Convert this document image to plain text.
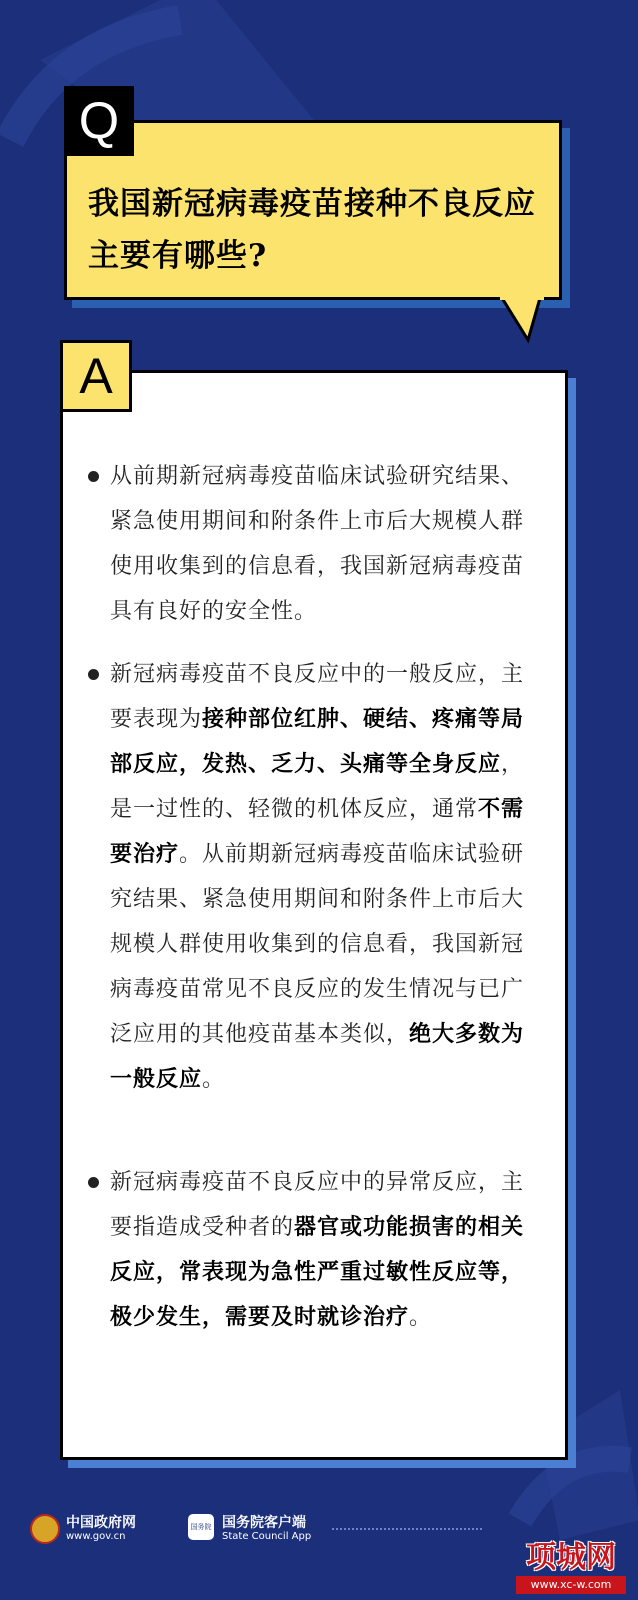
Q
我国新冠病毒疫苗接种不良反应主要有哪些?
A
从前期新冠病毒疫苗临床试验研究结果、紧急使用期间和附条件上市后大规模人群使用收集到的信息看，我国新冠病毒疫苗具有良好的安全性。
新冠病毒疫苗不良反应中的一般反应，主要表现为接种部位红肿、硬结、疼痛等局部反应，发热、乏力、头痛等全身反应，是一过性的、轻微的机体反应，通常不需要治疗。从前期新冠病毒疫苗临床试验研究结果、紧急使用期间和附条件上市后大规模人群使用收集到的信息看，我国新冠病毒疫苗常见不良反应的发生情况与已广泛应用的其他疫苗基本类似，绝大多数为一般反应。
新冠病毒疫苗不良反应中的异常反应，主要指造成受种者的器官或功能损害的相关反应，常表现为急性严重过敏性反应等，极少发生，需要及时就诊治疗。
中国政府网
www.gov.cn
国务院 国务院客户端
State Council App
项城网
www.xc-w.com
